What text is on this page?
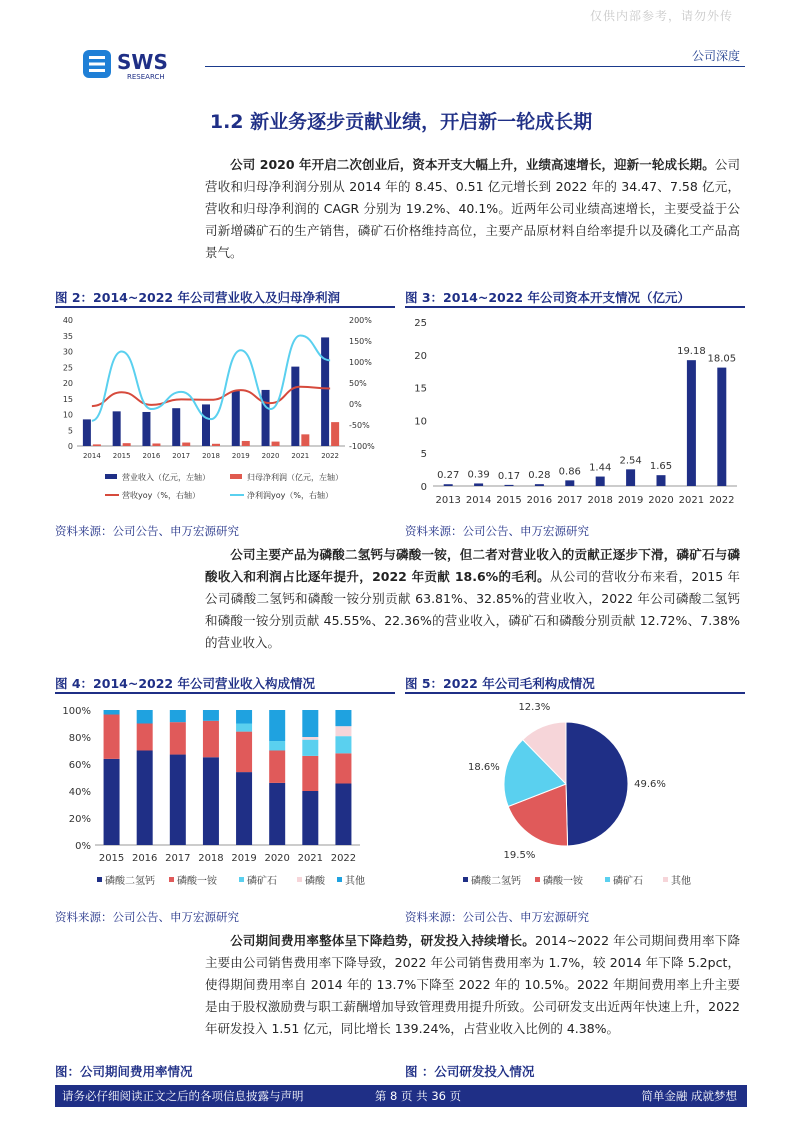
仅供内部参考，请勿外传
SWS
RESEARCH
公司深度
1.2 新业务逐步贡献业绩，开启新一轮成长期
公司 2020 年开启二次创业后，资本开支大幅上升，业绩高速增长，迎新一轮成长期。公司营收和归母净利润分别从 2014 年的 8.45、0.51 亿元增长到 2022 年的 34.47、7.58 亿元，营收和归母净利润的 CAGR 分别为 19.2%、40.1%。近两年公司业绩高速增长，主要受益于公司新增磷矿石的生产销售，磷矿石价格维持高位，主要产品原材料自给率提升以及磷化工产品高景气。
图 2：2014~2022 年公司营业收入及归母净利润
0
5
10
15
20
25
30
35
40
-100%
-50%
0%
50%
100%
150%
200%
2014 2015 2016 2017 2018 2019 2020 2021 2022
营业收入（亿元，左轴）	归母净利润（亿元，左轴）
营收yoy（%，右轴）	净利润yoy（%，右轴）
资料来源：公司公告、申万宏源研究
图 3：2014~2022 年公司资本开支情况（亿元）
0
5
10
15
20
25
0.27
2013
0.39
2014
0.17
2015
0.28
2016
0.86
2017
1.44
2018
2.54
2019
1.65
2020
19.18
2021
18.05
2022
资料来源：公司公告、申万宏源研究
公司主要产品为磷酸二氢钙与磷酸一铵，但二者对营业收入的贡献正逐步下滑，磷矿石与磷酸收入和利润占比逐年提升，2022 年贡献 18.6%的毛利。从公司的营收分布来看，2015 年公司磷酸二氢钙和磷酸一铵分别贡献 63.81%、32.85%的营业收入，2022 年公司磷酸二氢钙和磷酸一铵分别贡献 45.55%、22.36%的营业收入，磷矿石和磷酸分别贡献 12.72%、7.38%的营业收入。
图 4：2014~2022 年公司营业收入构成情况
0%
20%
40%
60%
80%
100%
2015 2016 2017 2018 2019 2020 2021 2022
磷酸二氢钙 磷酸一铵	磷矿石	磷酸 其他
资料来源：公司公告、申万宏源研究
图 5：2022 年公司毛利构成情况
49.6%
19.5%
18.6%
12.3%
磷酸二氢钙 磷酸一铵	磷矿石	其他
资料来源：公司公告、申万宏源研究
公司期间费用率整体呈下降趋势，研发投入持续增长。2014~2022 年公司期间费用率下降主要由公司销售费用率下降导致，2022 年公司销售费用率为 1.7%，较 2014 年下降 5.2pct，使得期间费用率自 2014 年的 13.7%下降至 2022 年的 10.5%。2022 年期间费用率上升主要是由于股权激励费与职工薪酬增加导致管理费用提升所致。公司研发支出近两年快速上升，2022 年研发投入 1.51 亿元，同比增长 139.24%，占营业收入比例的 4.38%。
图：公司期间费用率情况	图 ：公司研发投入情况
请务必仔细阅读正文之后的各项信息披露与声明	第 8 页 共 36 页	简单金融 成就梦想
